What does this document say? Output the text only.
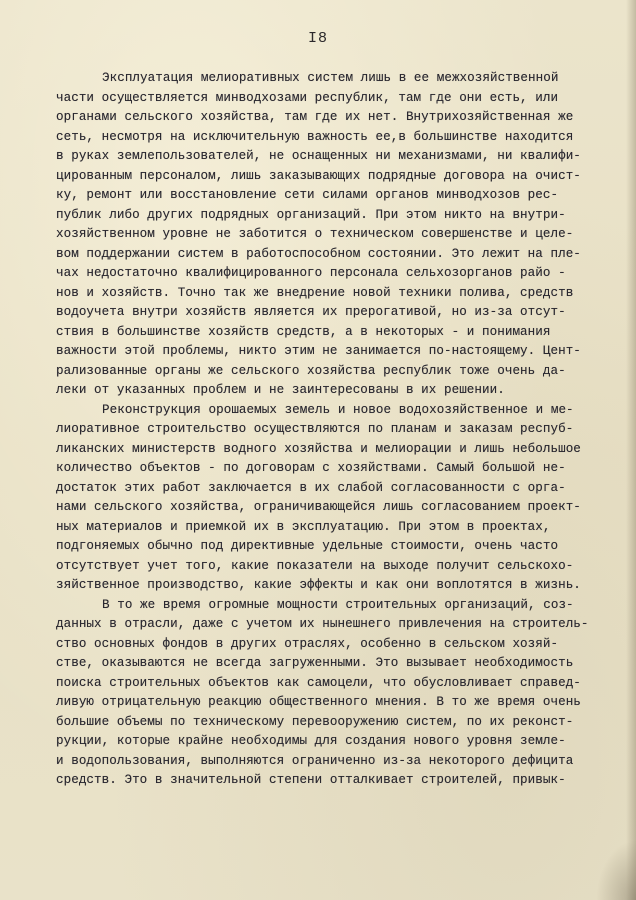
I8
Эксплуатация мелиоративных систем лишь в ее межхозяйственной
части осуществляется минводхозами республик, там где они есть, или
органами сельского хозяйства, там где их нет. Внутрихозяйственная же
сеть, несмотря на исключительную важность ее,в большинстве находится
в руках землепользователей, не оснащенных ни механизмами, ни квалифи-
цированным персоналом, лишь заказывающих подрядные договора на очист-
ку, ремонт или восстановление сети силами органов минводхозов рес-
публик либо других подрядных организаций. При этом никто на внутри-
хозяйственном уровне не заботится о техническом совершенстве и целе-
вом поддержании систем в работоспособном состоянии. Это лежит на пле-
чах недостаточно квалифицированного персонала сельхозорганов райо -
нов и хозяйств. Точно так же внедрение новой техники полива, средств
водоучета внутри хозяйств является их прерогативой, но из-за отсут-
ствия в большинстве хозяйств средств, а в некоторых - и понимания
важности этой проблемы, никто этим не занимается по-настоящему. Цент-
рализованные органы же сельского хозяйства республик тоже очень да-
леки от указанных проблем и не заинтересованы в их решении.
Реконструкция орошаемых земель и новое водохозяйственное и ме-
лиоративное строительство осуществляются по планам и заказам респуб-
ликанских министерств водного хозяйства и мелиорации и лишь небольшое
количество объектов - по договорам с хозяйствами. Самый большой не-
достаток этих работ заключается в их слабой согласованности с орга-
нами сельского хозяйства, ограничивающейся лишь согласованием проект-
ных материалов и приемкой их в эксплуатацию. При этом в проектах,
подгоняемых обычно под директивные удельные стоимости, очень часто
отсутствует учет того, какие показатели на выходе получит сельскохо-
зяйственное производство, какие эффекты и как они воплотятся в жизнь.
В то же время огромные мощности строительных организаций, соз-
данных в отрасли, даже с учетом их нынешнего привлечения на строитель-
ство основных фондов в других отраслях, особенно в сельском хозяй-
стве, оказываются не всегда загруженными. Это вызывает необходимость
поиска строительных объектов как самоцели, что обусловливает справед-
ливую отрицательную реакцию общественного мнения. В то же время очень
большие объемы по техническому перевооружению систем, по их реконст-
рукции, которые крайне необходимы для создания нового уровня земле-
и водопользования, выполняются ограниченно из-за некоторого дефицита
средств. Это в значительной степени отталкивает строителей, привык-
